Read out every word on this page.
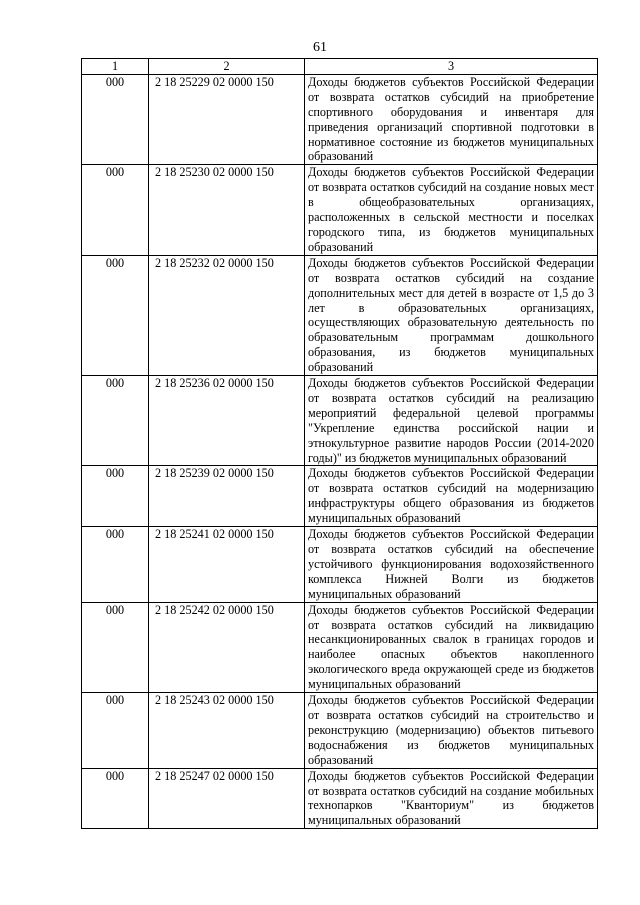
61
1	2	3
000	2 18 25229 02 0000 150	Доходы бюджетов субъектов Российской Федерации от возврата остатков субсидий на приобретение спортивного оборудования и инвентаря для приведения организаций спортивной подготовки в нормативное состояние из бюджетов муниципальных образований
000	2 18 25230 02 0000 150	Доходы бюджетов субъектов Российской Федерации от возврата остатков субсидий на создание новых мест в общеобразовательных организациях, расположенных в сельской местности и поселках городского типа, из бюджетов муниципальных образований
000	2 18 25232 02 0000 150	Доходы бюджетов субъектов Российской Федерации от возврата остатков субсидий на создание дополнительных мест для детей в возрасте от 1,5 до 3 лет в образовательных организациях, осуществляющих образовательную деятельность по образовательным программам дошкольного образования, из бюджетов муниципальных образований
000	2 18 25236 02 0000 150	Доходы бюджетов субъектов Российской Федерации от возврата остатков субсидий на реализацию мероприятий федеральной целевой программы "Укрепление единства российской нации и этнокультурное развитие народов России (2014-2020 годы)" из бюджетов муниципальных образований
000	2 18 25239 02 0000 150	Доходы бюджетов субъектов Российской Федерации от возврата остатков субсидий на модернизацию инфраструктуры общего образования из бюджетов муниципальных образований
000	2 18 25241 02 0000 150	Доходы бюджетов субъектов Российской Федерации от возврата остатков субсидий на обеспечение устойчивого функционирования водохозяйственного комплекса Нижней Волги из бюджетов муниципальных образований
000	2 18 25242 02 0000 150	Доходы бюджетов субъектов Российской Федерации от возврата остатков субсидий на ликвидацию несанкционированных свалок в границах городов и наиболее опасных объектов накопленного экологического вреда окружающей среде из бюджетов муниципальных образований
000	2 18 25243 02 0000 150	Доходы бюджетов субъектов Российской Федерации от возврата остатков субсидий на строительство и реконструкцию (модернизацию) объектов питьевого водоснабжения из бюджетов муниципальных образований
000	2 18 25247 02 0000 150	Доходы бюджетов субъектов Российской Федерации от возврата остатков субсидий на создание мобильных технопарков "Кванториум" из бюджетов муниципальных образований
